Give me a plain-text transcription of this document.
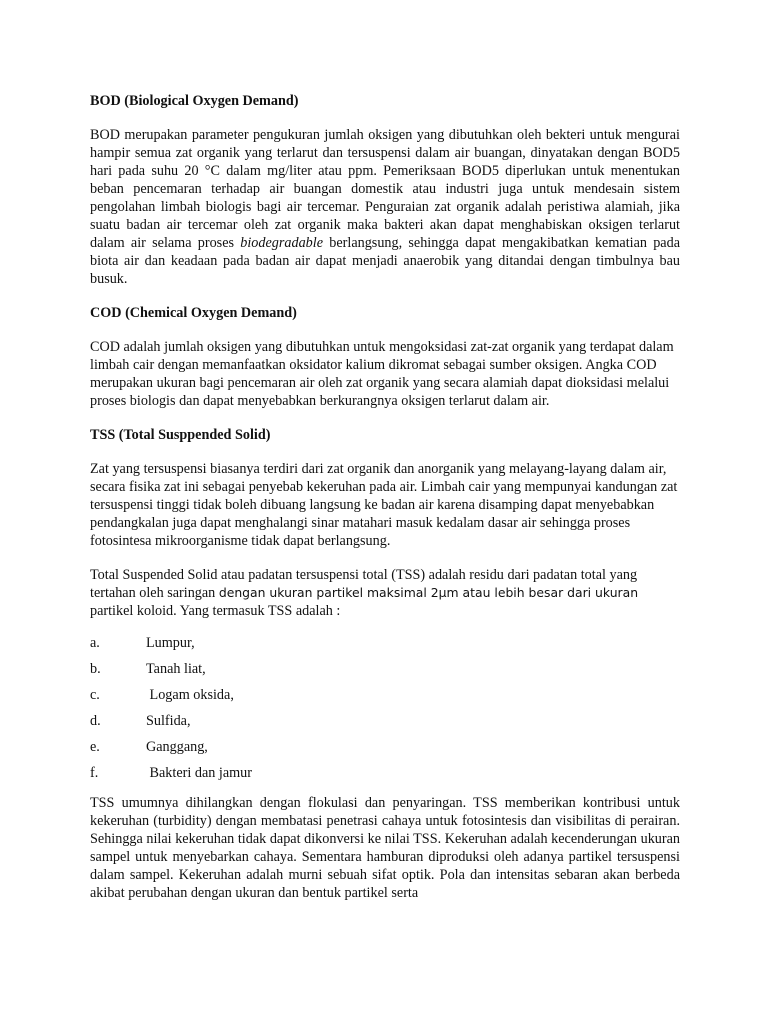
BOD (Biological Oxygen Demand)

BOD merupakan parameter pengukuran jumlah oksigen yang dibutuhkan oleh bekteri untuk mengurai hampir semua zat organik yang terlarut dan tersuspensi dalam air buangan, dinyatakan dengan BOD5 hari pada suhu 20 °C dalam mg/liter atau ppm. Pemeriksaan BOD5 diperlukan untuk menentukan beban pencemaran terhadap air buangan domestik atau industri juga untuk mendesain sistem pengolahan limbah biologis bagi air tercemar. Penguraian zat organik adalah peristiwa alamiah, jika suatu badan air tercemar oleh zat organik maka bakteri akan dapat menghabiskan oksigen terlarut dalam air selama proses biodegradable berlangsung, sehingga dapat mengakibatkan kematian pada biota air dan keadaan pada badan air dapat menjadi anaerobik yang ditandai dengan timbulnya bau busuk.

COD (Chemical Oxygen Demand)

COD adalah jumlah oksigen yang dibutuhkan untuk mengoksidasi zat-zat organik yang terdapat dalam limbah cair dengan memanfaatkan oksidator kalium dikromat sebagai sumber oksigen. Angka COD merupakan ukuran bagi pencemaran air oleh zat organik yang secara alamiah dapat dioksidasi melalui proses biologis dan dapat menyebabkan berkurangnya oksigen terlarut dalam air.

TSS (Total Susppended Solid)

Zat yang tersuspensi biasanya terdiri dari zat organik dan anorganik yang melayang-layang dalam air, secara fisika zat ini sebagai penyebab kekeruhan pada air. Limbah cair yang mempunyai kandungan zat tersuspensi tinggi tidak boleh dibuang langsung ke badan air karena disamping dapat menyebabkan pendangkalan juga dapat menghalangi sinar matahari masuk kedalam dasar air sehingga proses fotosintesa mikroorganisme tidak dapat berlangsung.

Total Suspended Solid atau padatan tersuspensi total (TSS) adalah residu dari padatan total yang tertahan oleh saringan dengan ukuran partikel maksimal 2µm atau lebih besar dari ukuran partikel koloid. Yang termasuk TSS adalah :

a.	Lumpur,
b.	Tanah liat,
c.	Logam oksida,
d.	Sulfida,
e.	Ganggang,
f.	Bakteri dan jamur

TSS umumnya dihilangkan dengan flokulasi dan penyaringan. TSS memberikan kontribusi untuk kekeruhan (turbidity) dengan membatasi penetrasi cahaya untuk fotosintesis dan visibilitas di perairan. Sehingga nilai kekeruhan tidak dapat dikonversi ke nilai TSS. Kekeruhan adalah kecenderungan ukuran sampel untuk menyebarkan cahaya. Sementara hamburan diproduksi oleh adanya partikel tersuspensi dalam sampel. Kekeruhan adalah murni sebuah sifat optik. Pola dan intensitas sebaran akan berbeda akibat perubahan dengan ukuran dan bentuk partikel serta
